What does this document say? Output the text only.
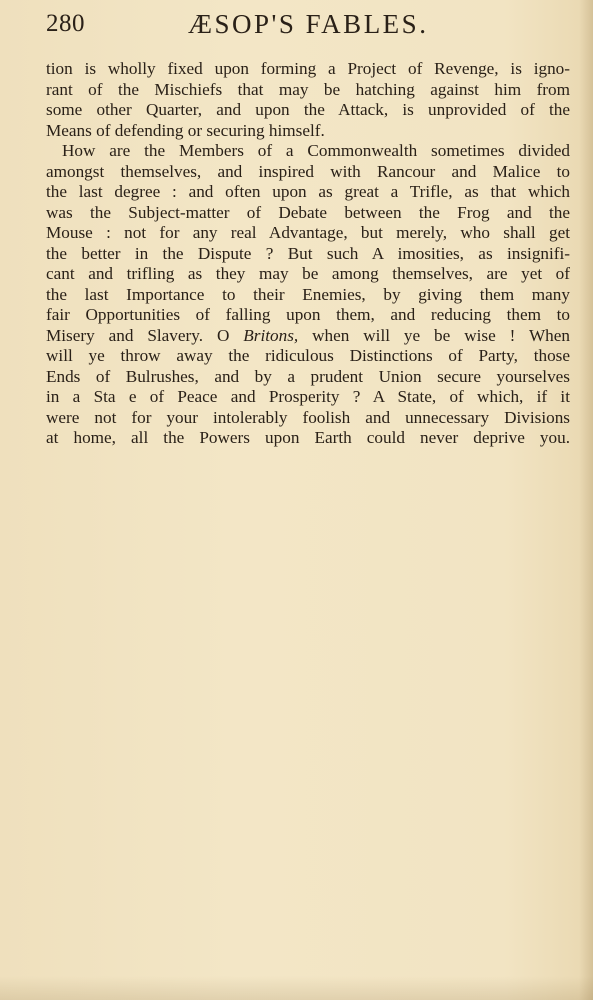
280	ÆSOP'S FABLES.
tion is wholly fixed upon forming a Project of Revenge, is igno-
rant of the Mischiefs that may be hatching against him from
some other Quarter, and upon the Attack, is unprovided of the
Means of defending or securing himself.
How are the Members of a Commonwealth sometimes divided
amongst themselves, and inspired with Rancour and Malice to
the last degree : and often upon as great a Trifle, as that which
was the Subject-matter of Debate between the Frog and the
Mouse : not for any real Advantage, but merely, who shall get
the better in the Dispute ? But such A imosities, as insignifi-
cant and trifling as they may be among themselves, are yet of
the last Importance to their Enemies, by giving them many
fair Opportunities of falling upon them, and reducing them to
Misery and Slavery. O Britons, when will ye be wise ! When
will ye throw away the ridiculous Distinctions of Party, those
Ends of Bulrushes, and by a prudent Union secure yourselves
in a Sta e of Peace and Prosperity ? A State, of which, if it
were not for your intolerably foolish and unnecessary Divisions
at home, all the Powers upon Earth could never deprive you.
